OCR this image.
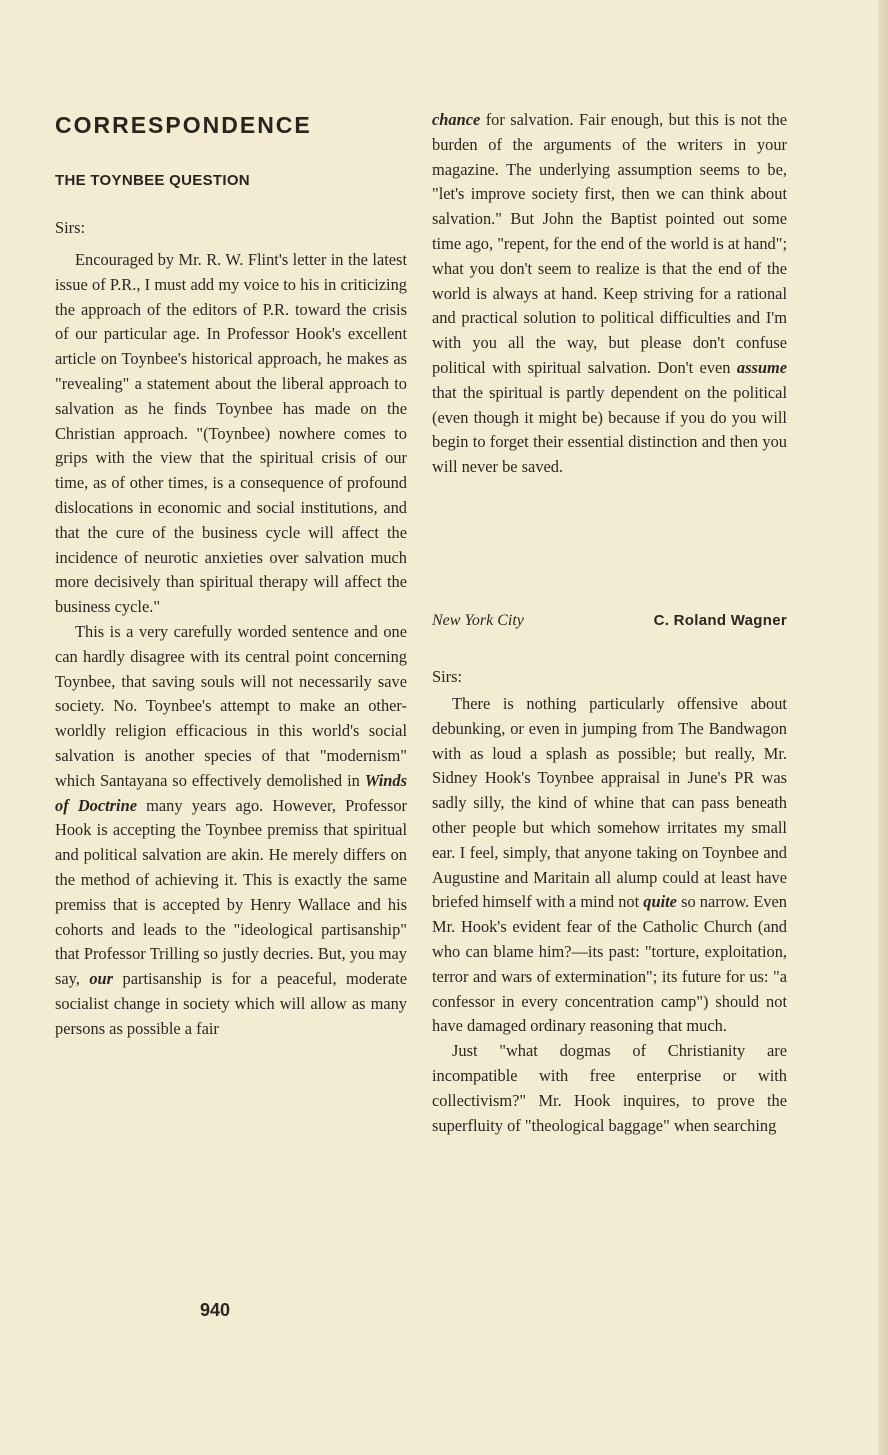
CORRESPONDENCE
THE TOYNBEE QUESTION
Sirs:

Encouraged by Mr. R. W. Flint's letter in the latest issue of P.R., I must add my voice to his in criticizing the approach of the editors of P.R. toward the crisis of our particular age. In Professor Hook's excellent article on Toynbee's historical approach, he makes as "revealing" a statement about the liberal approach to salvation as he finds Toynbee has made on the Christian approach. "(Toynbee) nowhere comes to grips with the view that the spiritual crisis of our time, as of other times, is a consequence of profound dislocations in economic and social institutions, and that the cure of the business cycle will affect the incidence of neurotic anxieties over salvation much more decisively than spiritual therapy will affect the business cycle."

This is a very carefully worded sentence and one can hardly disagree with its central point concerning Toynbee, that saving souls will not necessarily save society. No. Toynbee's attempt to make an other-worldly religion efficacious in this world's social salvation is another species of that "modernism" which Santayana so effectively demolished in Winds of Doctrine many years ago. However, Professor Hook is accepting the Toynbee premiss that spiritual and political salvation are akin. He merely differs on the method of achieving it. This is exactly the same premiss that is accepted by Henry Wallace and his cohorts and leads to the "ideological partisanship" that Professor Trilling so justly decries. But, you may say, our partisanship is for a peaceful, moderate socialist change in society which will allow as many persons as possible a fair

chance for salvation. Fair enough, but this is not the burden of the arguments of the writers in your magazine. The underlying assumption seems to be, "let's improve society first, then we can think about salvation." But John the Baptist pointed out some time ago, "repent, for the end of the world is at hand"; what you don't seem to realize is that the end of the world is always at hand. Keep striving for a rational and practical solution to political difficulties and I'm with you all the way, but please don't confuse political with spiritual salvation. Don't even assume that the spiritual is partly dependent on the political (even though it might be) because if you do you will begin to forget their essential distinction and then you will never be saved.

New York City	C. Roland Wagner
Sirs:

There is nothing particularly offensive about debunking, or even in jumping from The Bandwagon with as loud a splash as possible; but really, Mr. Sidney Hook's Toynbee appraisal in June's PR was sadly silly, the kind of whine that can pass beneath other people but which somehow irritates my small ear. I feel, simply, that anyone taking on Toynbee and Augustine and Maritain all alump could at least have briefed himself with a mind not quite so narrow. Even Mr. Hook's evident fear of the Catholic Church (and who can blame him?—its past: "torture, exploitation, terror and wars of extermination"; its future for us: "a confessor in every concentration camp") should not have damaged ordinary reasoning that much.

Just "what dogmas of Christianity are incompatible with free enterprise or with collectivism?" Mr. Hook inquires, to prove the superfluity of "theological baggage" when searching

940
